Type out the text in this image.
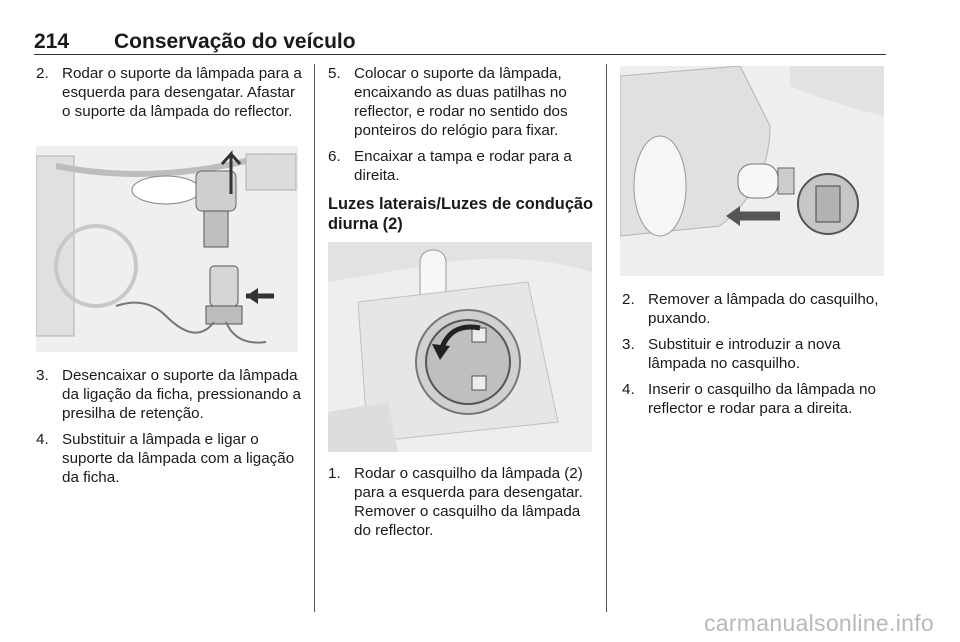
214 Conservação do veículo

2. Rodar o suporte da lâmpada para a esquerda para desengatar. Afastar o suporte da lâmpada do reflector.

3. Desencaixar o suporte da lâmpada da ligação da ficha, pressionando a presilha de retenção.

4. Substituir a lâmpada e ligar o suporte da lâmpada com a ligação da ficha.

5. Colocar o suporte da lâmpada, encaixando as duas patilhas no reflector, e rodar no sentido dos ponteiros do relógio para fixar.

6. Encaixar a tampa e rodar para a direita.

Luzes laterais/Luzes de condução diurna (2)

1. Rodar o casquilho da lâmpada (2) para a esquerda para desengatar. Remover o casquilho da lâmpada do reflector.

2. Remover a lâmpada do casquilho, puxando.

3. Substituir e introduzir a nova lâmpada no casquilho.

4. Inserir o casquilho da lâmpada no reflector e rodar para a direita.

carmanualsonline.info
